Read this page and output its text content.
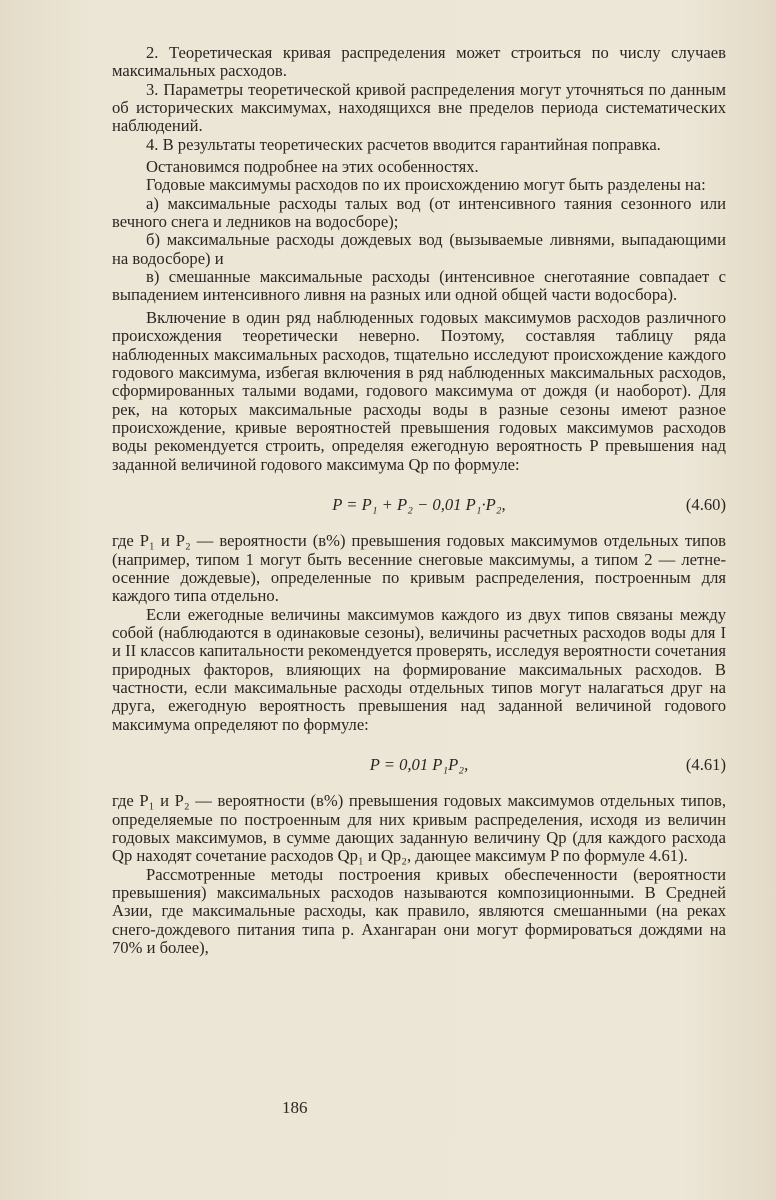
2. Теоретическая кривая распределения может строиться по числу случаев максимальных расходов.

3. Параметры теоретической кривой распределения могут уточняться по данным об исторических максимумах, находящихся вне пределов периода систематических наблюдений.

4. В результаты теоретических расчетов вводится гарантийная поправка.

Остановимся подробнее на этих особенностях.

Годовые максимумы расходов по их происхождению могут быть разделены на:

а) максимальные расходы талых вод (от интенсивного таяния сезонного или вечного снега и ледников на водосборе);

б) максимальные расходы дождевых вод (вызываемые ливнями, выпадающими на водосборе) и

в) смешанные максимальные расходы (интенсивное снеготаяние совпадает с выпадением интенсивного ливня на разных или одной общей части водосбора).

Включение в один ряд наблюденных годовых максимумов расходов различного происхождения теоретически неверно. Поэтому, составляя таблицу ряда наблюденных максимальных расходов, тщательно исследуют происхождение каждого годового максимума, избегая включения в ряд наблюденных максимальных расходов, сформированных талыми водами, годового максимума от дождя (и наоборот). Для рек, на которых максимальные расходы воды в разные сезоны имеют разное происхождение, кривые вероятностей превышения годовых максимумов расходов воды рекомендуется строить, определяя ежегодную вероятность P превышения над заданной величиной годового максимума Qр по формуле:

P = P₁ + P₂ − 0,01 P₁·P₂,	(4.60)

где P₁ и P₂ — вероятности (в%) превышения годовых максимумов отдельных типов (например, типом 1 могут быть весенние снеговые максимумы, а типом 2 — летне-осенние дождевые), определенные по кривым распределения, построенным для каждого типа отдельно.

Если ежегодные величины максимумов каждого из двух типов связаны между собой (наблюдаются в одинаковые сезоны), величины расчетных расходов воды для I и II классов капитальности рекомендуется проверять, исследуя вероятности сочетания природных факторов, влияющих на формирование максимальных расходов. В частности, если максимальные расходы отдельных типов могут налагаться друг на друга, ежегодную вероятность превышения над заданной величиной годового максимума определяют по формуле:

P = 0,01 P₁P₂,	(4.61)

где P₁ и P₂ — вероятности (в%) превышения годовых максимумов отдельных типов, определяемые по построенным для них кривым распределения, исходя из величин годовых максимумов, в сумме дающих заданную величину Qр (для каждого расхода Qр находят сочетание расходов Qр₁ и Qр₂, дающее максимум P по формуле 4.61).

Рассмотренные методы построения кривых обеспеченности (вероятности превышения) максимальных расходов называются композиционными. В Средней Азии, где максимальные расходы, как правило, являются смешанными (на реках снего-дождевого питания типа р. Ахангаран они могут формироваться дождями на 70% и более),

186
